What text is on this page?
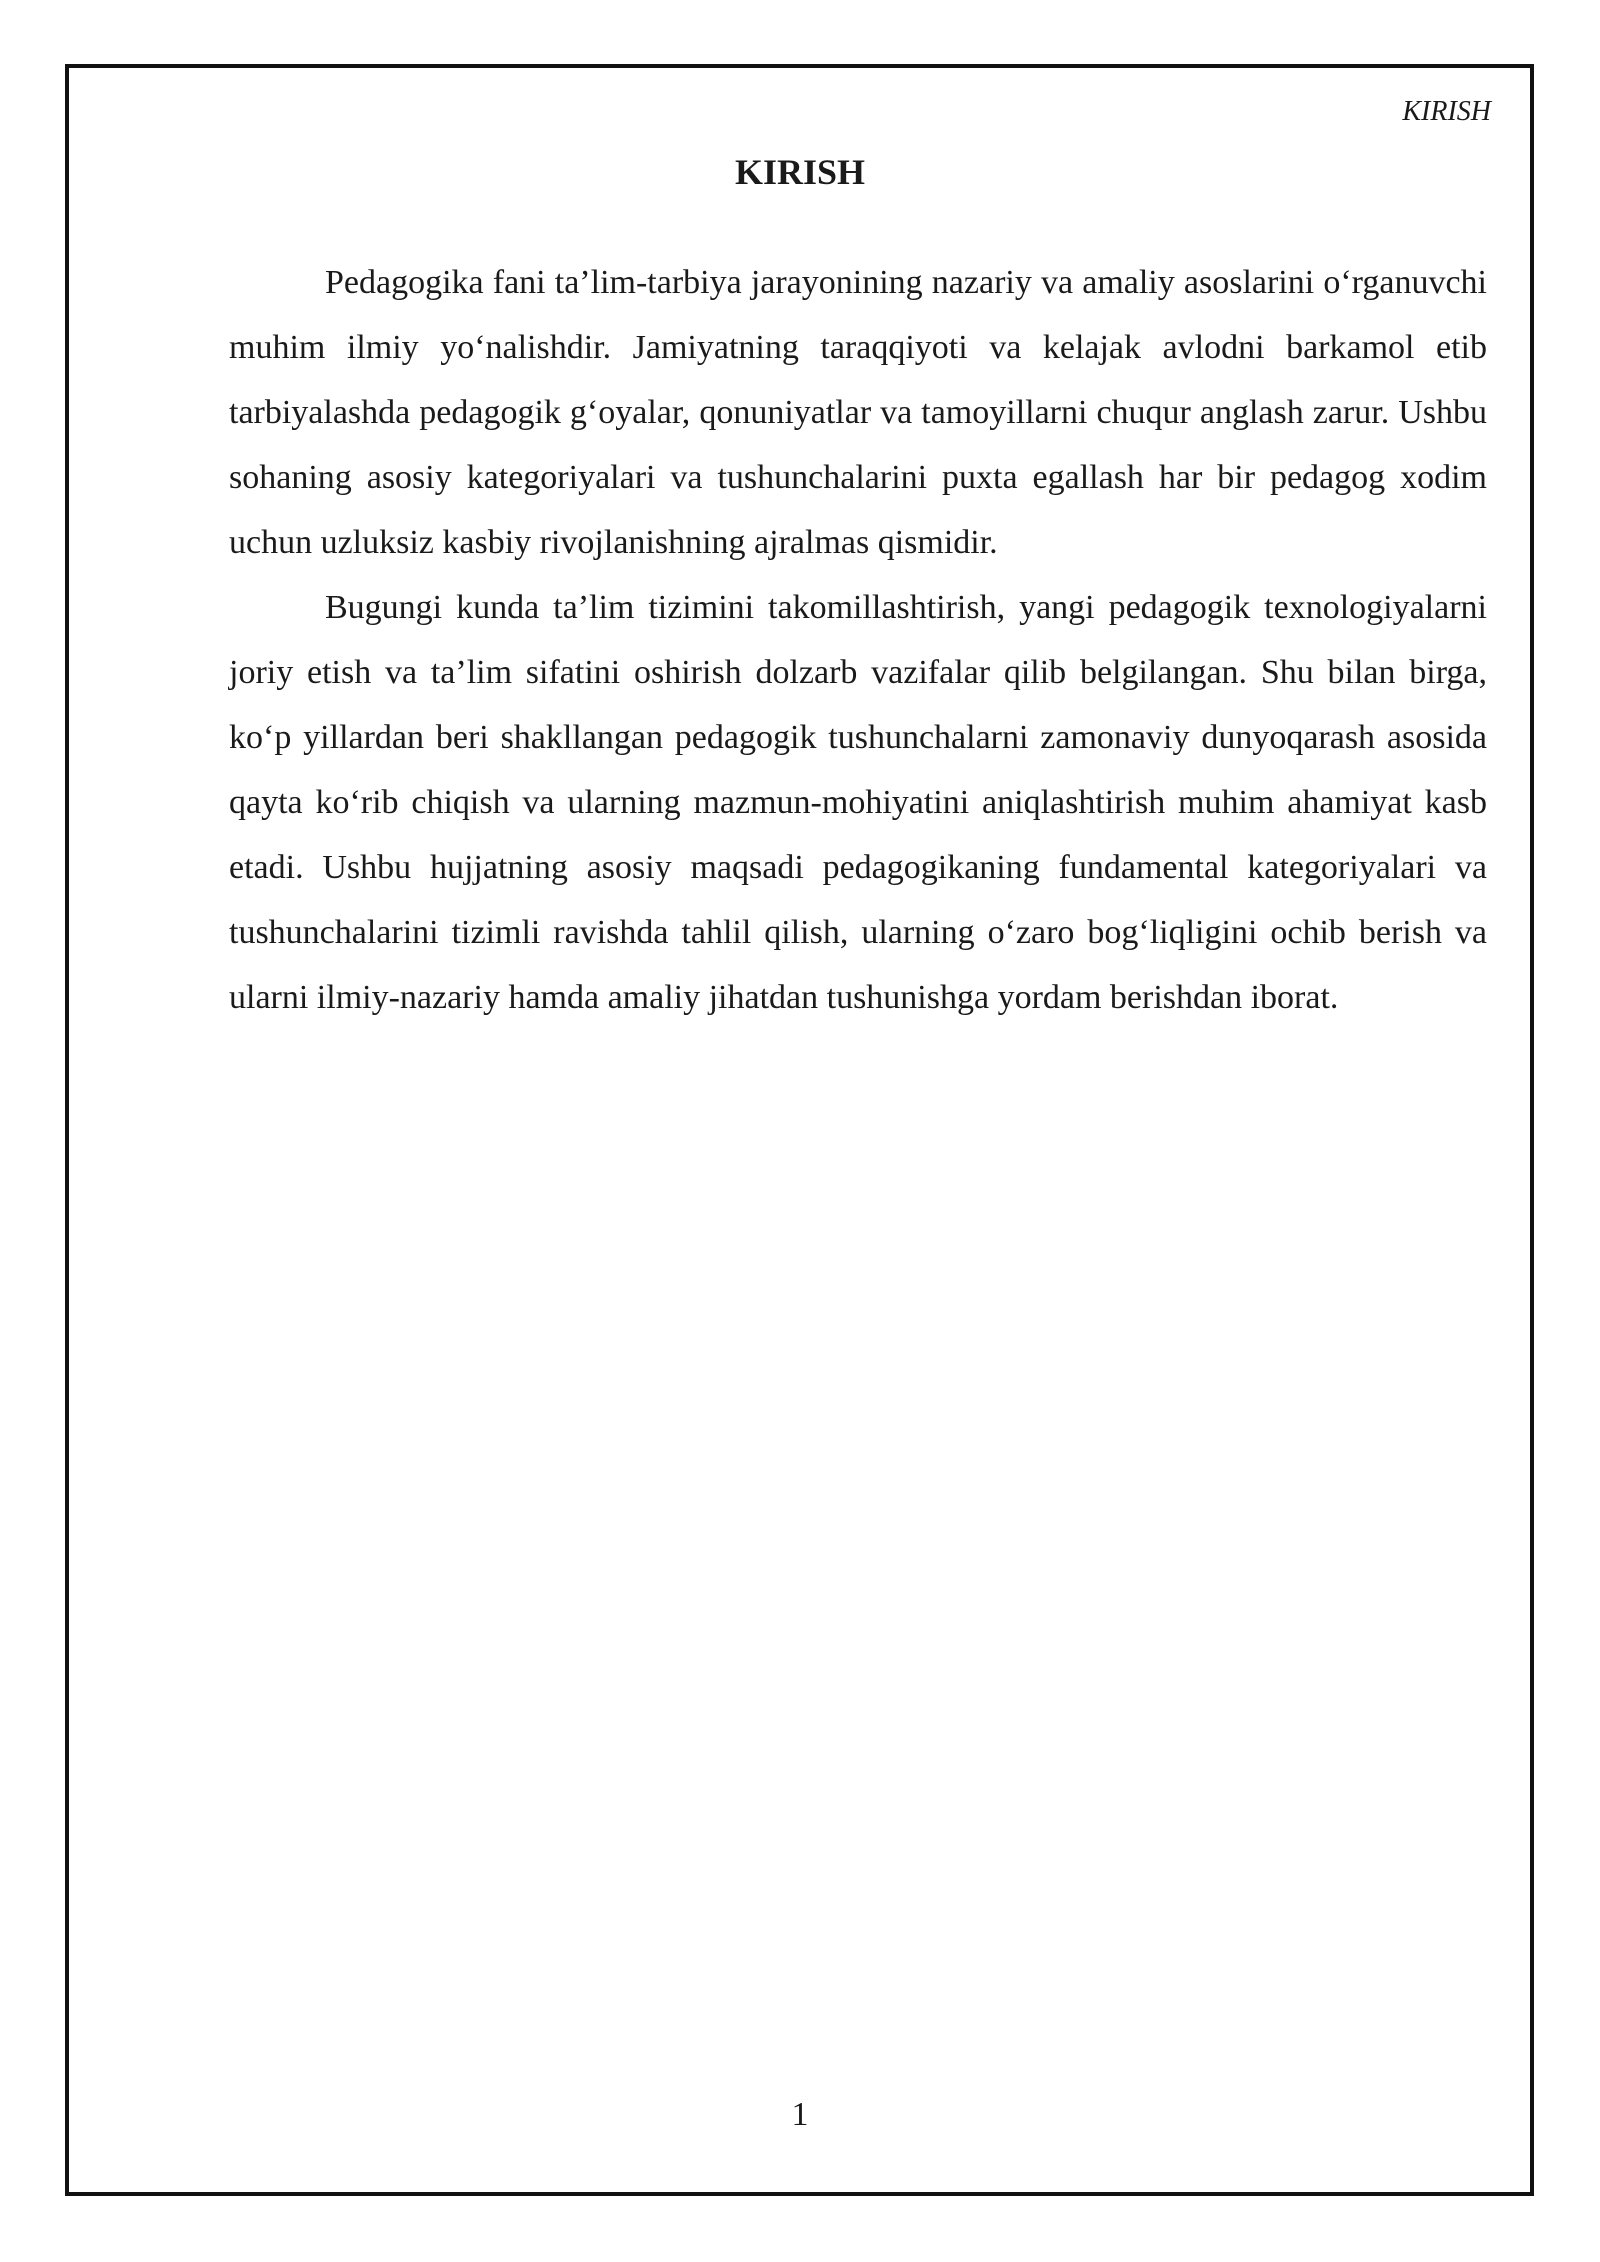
KIRISH
KIRISH

Pedagogika fani ta’lim-tarbiya jarayonining nazariy va amaliy asoslarini o‘rganuvchi muhim ilmiy yo‘nalishdir. Jamiyatning taraqqiyoti va kelajak avlodni barkamol etib tarbiyalashda pedagogik g‘oyalar, qonuniyatlar va tamoyillarni chuqur anglash zarur. Ushbu sohaning asosiy kategoriyalari va tushunchalarini puxta egallash har bir pedagog xodim uchun uzluksiz kasbiy rivojlanishning ajralmas qismidir.

Bugungi kunda ta’lim tizimini takomillashtirish, yangi pedagogik texnologiyalarni joriy etish va ta’lim sifatini oshirish dolzarb vazifalar qilib belgilangan. Shu bilan birga, ko‘p yillardan beri shakllangan pedagogik tushunchalarni zamonaviy dunyoqarash asosida qayta ko‘rib chiqish va ularning mazmun-mohiyatini aniqlashtirish muhim ahamiyat kasb etadi. Ushbu hujjatning asosiy maqsadi pedagogikaning fundamental kategoriyalari va tushunchalarini tizimli ravishda tahlil qilish, ularning o‘zaro bog‘liqligini ochib berish va ularni ilmiy-nazariy hamda amaliy jihatdan tushunishga yordam berishdan iborat.

1
